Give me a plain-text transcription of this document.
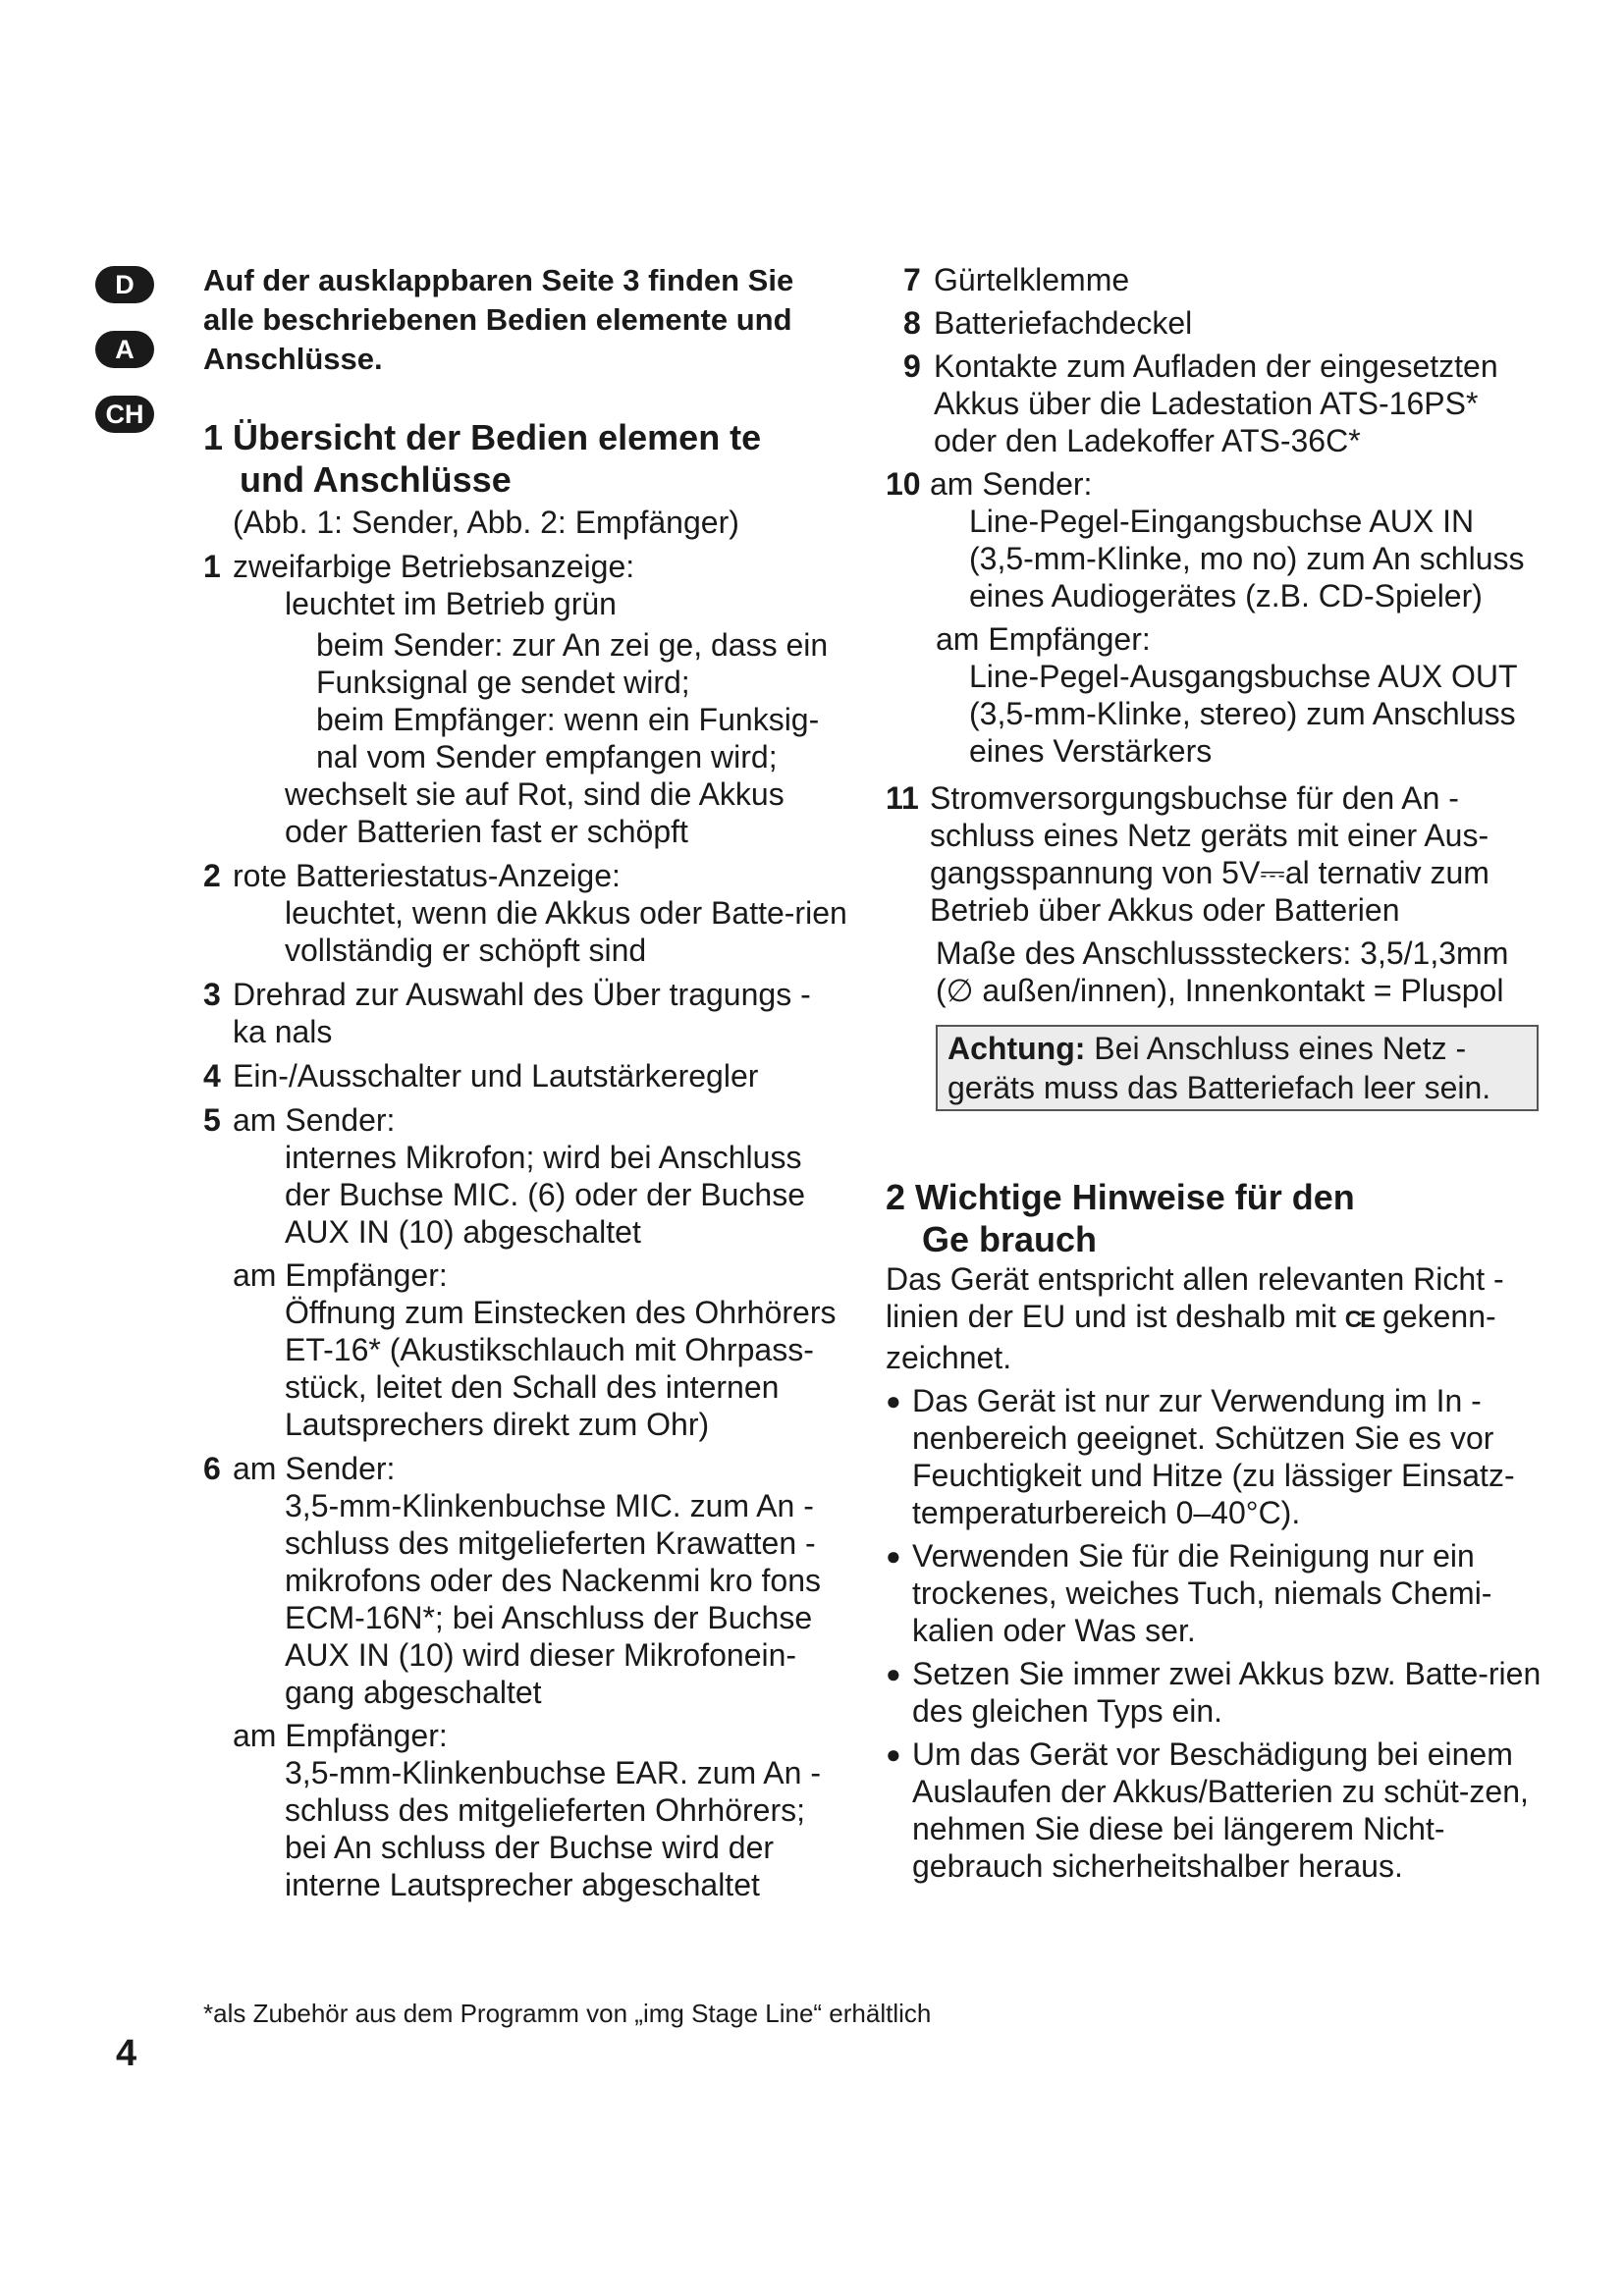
D
A
CH

Auf der ausklappbaren Seite 3 finden Sie alle beschriebenen Bedien elemente und Anschlüsse.

1 Übersicht der Bedien elemen te
und Anschlüsse

(Abb. 1: Sender, Abb. 2: Empfänger)

1 zweifarbige Betriebsanzeige:

leuchtet im Betrieb grün

beim Sender: zur An zei ge, dass ein Funksignal ge sendet wird;

beim Empfänger: wenn ein Funksig-nal vom Sender empfangen wird;

wechselt sie auf Rot, sind die Akkus oder Batterien fast er schöpft

2 rote Batteriestatus-Anzeige:

leuchtet, wenn die Akkus oder Batte-rien vollständig er schöpft sind

3 Drehrad zur Auswahl des Über tragungs - ka nals
4 Ein-/Ausschalter und Lautstärkeregler
5 am Sender:

internes Mikrofon; wird bei Anschluss der Buchse MIC. (6) oder der Buchse AUX IN (10) abgeschaltet

am Empfänger:

Öffnung zum Einstecken des Ohrhörers ET-16* (Akustikschlauch mit Ohrpass-stück, leitet den Schall des internen Lautsprechers direkt zum Ohr)

6 am Sender:

3,5-mm-Klinkenbuchse MIC. zum An - schluss des mitgelieferten Krawatten - mikrofons oder des Nackenmi kro fons ECM-16N*; bei Anschluss der Buchse AUX IN (10) wird dieser Mikrofonein-gang abgeschaltet

am Empfänger:

3,5-mm-Klinkenbuchse EAR. zum An - schluss des mitgelieferten Ohrhörers; bei An schluss der Buchse wird der interne Lautsprecher abgeschaltet

7 Gürtelklemme
8 Batteriefachdeckel
9 Kontakte zum Aufladen der eingesetzten Akkus über die Ladestation ATS-16PS* oder den Ladekoffer ATS-36C*
10 am Sender:

Line-Pegel-Eingangsbuchse AUX IN (3,5-mm-Klinke, mo no) zum An schluss eines Audiogerätes (z.B. CD-Spieler)

am Empfänger:

Line-Pegel-Ausgangsbuchse AUX OUT (3,5-mm-Klinke, stereo) zum Anschluss eines Verstärkers

11 Stromversorgungsbuchse für den An - schluss eines Netz geräts mit einer Aus-gangsspannung von 5V⎓al ternativ zum Betrieb über Akkus oder Batterien

Maße des Anschlusssteckers: 3,5/1,3mm (∅ außen/innen), Innenkontakt = Pluspol

Achtung: Bei Anschluss eines Netz - geräts muss das Batteriefach leer sein.
2 Wichtige Hinweise für den
Ge brauch

Das Gerät entspricht allen relevanten Richt - linien der EU und ist deshalb mit CE gekenn-zeichnet.

● Das Gerät ist nur zur Verwendung im In - nenbereich geeignet. Schützen Sie es vor Feuchtigkeit und Hitze (zu lässiger Einsatz-temperaturbereich 0–40°C).
● Verwenden Sie für die Reinigung nur ein trockenes, weiches Tuch, niemals Chemi-kalien oder Was ser.
● Setzen Sie immer zwei Akkus bzw. Batte-rien des gleichen Typs ein.
● Um das Gerät vor Beschädigung bei einem Auslaufen der Akkus/Batterien zu schüt-zen, nehmen Sie diese bei längerem Nicht-gebrauch sicherheitshalber heraus.
*als Zubehör aus dem Programm von „img Stage Line“ erhältlich
4
